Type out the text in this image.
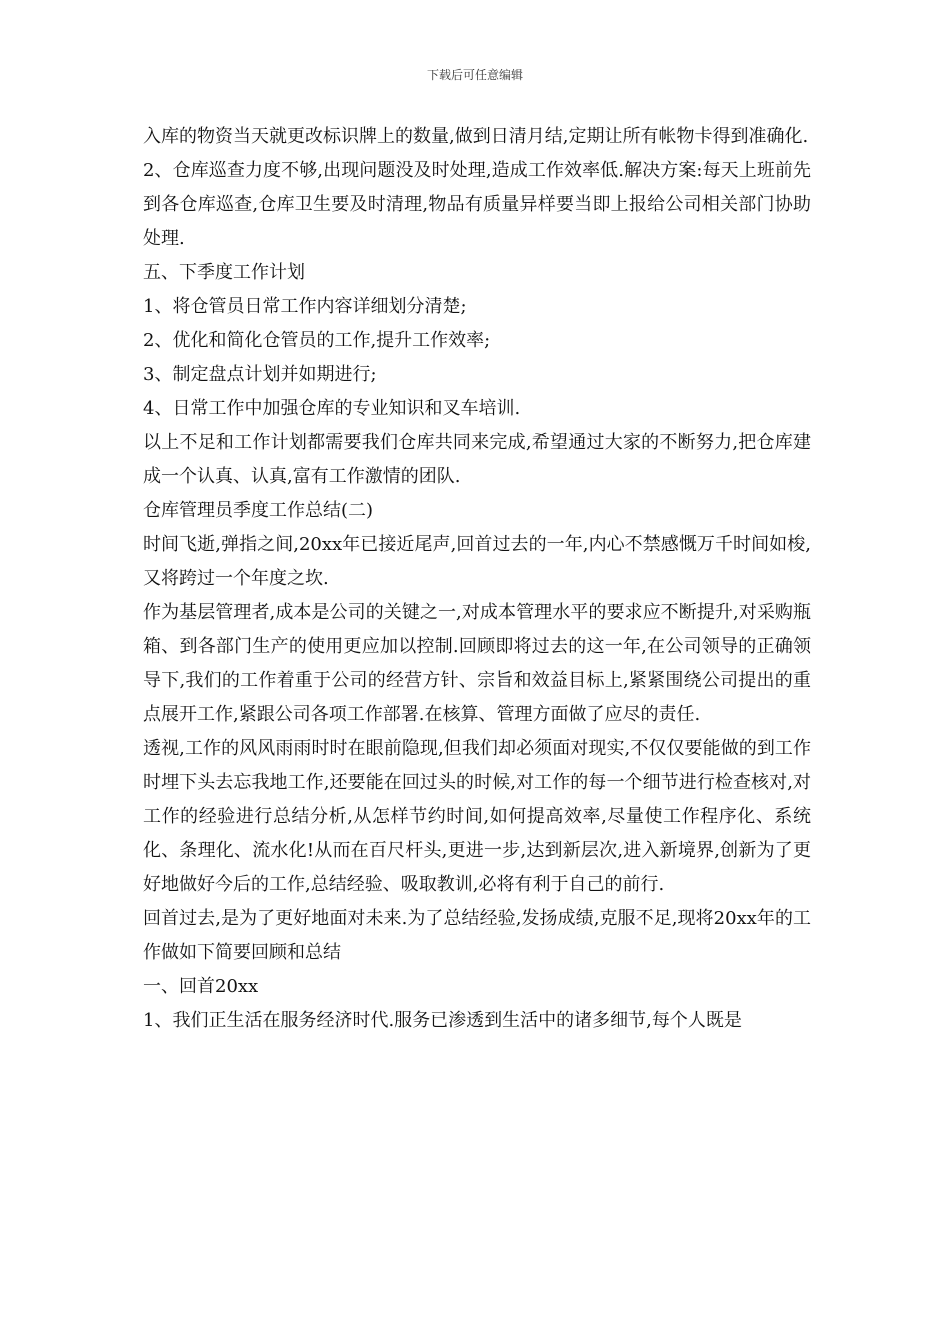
下载后可任意编辑

入库的物资当天就更改标识牌上的数量,做到日清月结,定期让所有帐物卡得到准确化.

2、仓库巡查力度不够,出现问题没及时处理,造成工作效率低.解决方案:每天上班前先到各仓库巡查,仓库卫生要及时清理,物品有质量异样要当即上报给公司相关部门协助处理.

五、下季度工作计划

1、将仓管员日常工作内容详细划分清楚;

2、优化和简化仓管员的工作,提升工作效率;

3、制定盘点计划并如期进行;

4、日常工作中加强仓库的专业知识和叉车培训.

以上不足和工作计划都需要我们仓库共同来完成,希望通过大家的不断努力,把仓库建成一个认真、认真,富有工作激情的团队.

仓库管理员季度工作总结(二)

时间飞逝,弹指之间,20xx年已接近尾声,回首过去的一年,内心不禁感慨万千时间如梭,又将跨过一个年度之坎.

作为基层管理者,成本是公司的关键之一,对成本管理水平的要求应不断提升,对采购瓶箱、到各部门生产的使用更应加以控制.回顾即将过去的这一年,在公司领导的正确领导下,我们的工作着重于公司的经营方针、宗旨和效益目标上,紧紧围绕公司提出的重点展开工作,紧跟公司各项工作部署.在核算、管理方面做了应尽的责任.

透视,工作的风风雨雨时时在眼前隐现,但我们却必须面对现实,不仅仅要能做的到工作时埋下头去忘我地工作,还要能在回过头的时候,对工作的每一个细节进行检查核对,对工作的经验进行总结分析,从怎样节约时间,如何提高效率,尽量使工作程序化、系统化、条理化、流水化!从而在百尺杆头,更进一步,达到新层次,进入新境界,创新为了更好地做好今后的工作,总结经验、吸取教训,必将有利于自己的前行.

回首过去,是为了更好地面对未来.为了总结经验,发扬成绩,克服不足,现将20xx年的工作做如下简要回顾和总结

一、回首20xx

1、我们正生活在服务经济时代.服务已渗透到生活中的诸多细节,每个人既是
